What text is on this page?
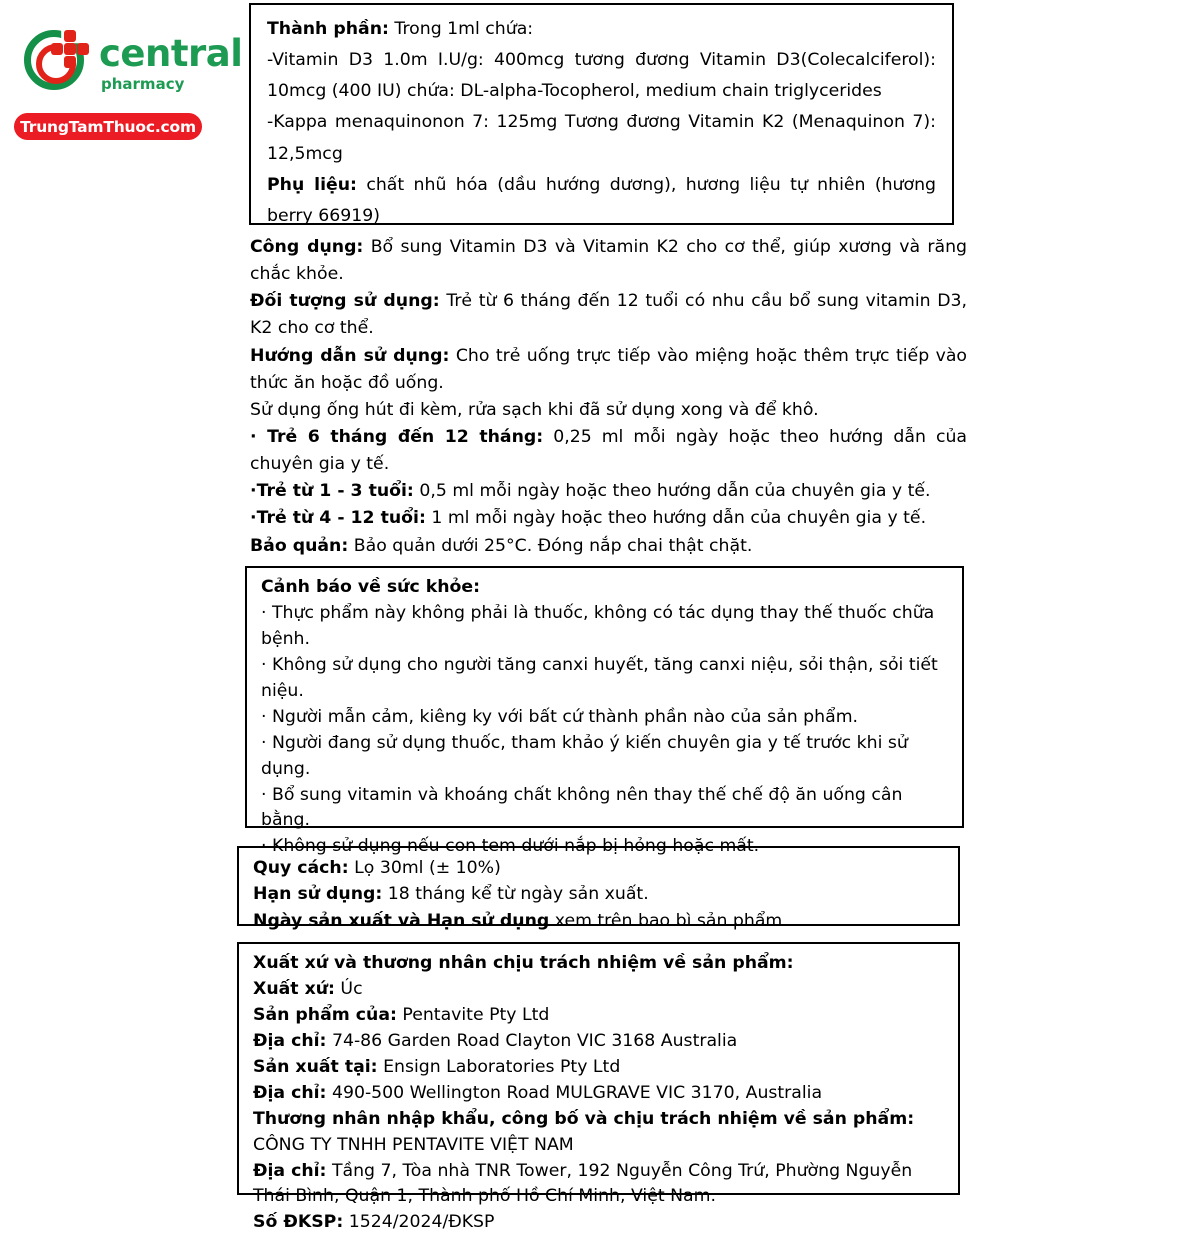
central
pharmacy
TrungTamThuoc.com

Thành phần: Trong 1ml chứa:

-Vitamin D3 1.0m I.U/g: 400mcg tương đương Vitamin D3(Colecalciferol): 10mcg (400 IU) chứa: DL-alpha-Tocopherol, medium chain triglycerides

-Kappa menaquinonon 7: 125mg Tương đương Vitamin K2 (Menaquinon 7): 12,5mcg

Phụ liệu: chất nhũ hóa (dầu hướng dương), hương liệu tự nhiên (hương berry 66919)

Công dụng: Bổ sung Vitamin D3 và Vitamin K2 cho cơ thể, giúp xương và răng chắc khỏe.

Đối tượng sử dụng: Trẻ từ 6 tháng đến 12 tuổi có nhu cầu bổ sung vitamin D3, K2 cho cơ thể.

Hướng dẫn sử dụng: Cho trẻ uống trực tiếp vào miệng hoặc thêm trực tiếp vào thức ăn hoặc đồ uống.

Sử dụng ống hút đi kèm, rửa sạch khi đã sử dụng xong và để khô.

· Trẻ 6 tháng đến 12 tháng: 0,25 ml mỗi ngày hoặc theo hướng dẫn của chuyên gia y tế.

·Trẻ từ 1 - 3 tuổi: 0,5 ml mỗi ngày hoặc theo hướng dẫn của chuyên gia y tế.

·Trẻ từ 4 - 12 tuổi: 1 ml mỗi ngày hoặc theo hướng dẫn của chuyên gia y tế.

Bảo quản: Bảo quản dưới 25°C. Đóng nắp chai thật chặt.

Cảnh báo về sức khỏe:

· Thực phẩm này không phải là thuốc, không có tác dụng thay thế thuốc chữa bệnh.

· Không sử dụng cho người tăng canxi huyết, tăng canxi niệu, sỏi thận, sỏi tiết niệu.

· Người mẫn cảm, kiêng ky với bất cứ thành phần nào của sản phẩm.

· Người đang sử dụng thuốc, tham khảo ý kiến chuyên gia y tế trước khi sử dụng.

· Bổ sung vitamin và khoáng chất không nên thay thế chế độ ăn uống cân bằng.

· Không sử dụng nếu con tem dưới nắp bị hỏng hoặc mất.

Quy cách: Lọ 30ml (± 10%)

Hạn sử dụng: 18 tháng kể từ ngày sản xuất.

Ngày sản xuất và Hạn sử dụng xem trên bao bì sản phẩm

Xuất xứ và thương nhân chịu trách nhiệm về sản phẩm:

Xuất xứ: Úc

Sản phẩm của: Pentavite Pty Ltd

Địa chỉ: 74-86 Garden Road Clayton VIC 3168 Australia

Sản xuất tại: Ensign Laboratories Pty Ltd

Địa chỉ: 490-500 Wellington Road MULGRAVE VIC 3170, Australia

Thương nhân nhập khẩu, công bố và chịu trách nhiệm về sản phẩm:

CÔNG TY TNHH PENTAVITE VIỆT NAM

Địa chỉ: Tầng 7, Tòa nhà TNR Tower, 192 Nguyễn Công Trứ, Phường Nguyễn Thái Bình, Quận 1, Thành phố Hồ Chí Minh, Việt Nam.

Số ĐKSP: 1524/2024/ĐKSP
